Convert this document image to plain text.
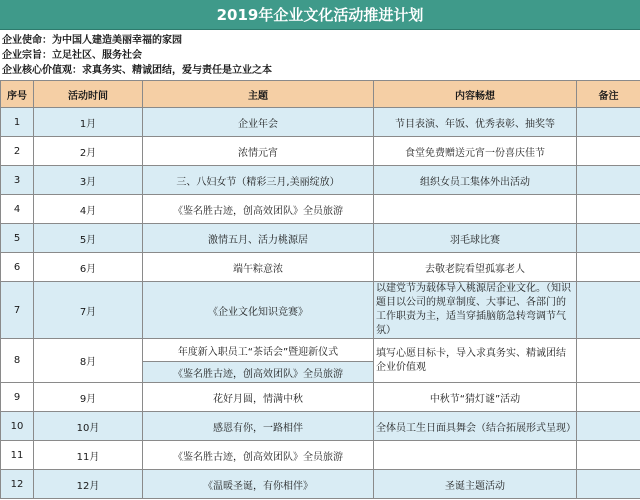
2019年企业文化活动推进计划
企业使命：为中国人建造美丽幸福的家园
企业宗旨：立足社区、服务社会
企业核心价值观：求真务实、精诚团结，爱与责任是立业之本
序号	活动时间	主题	内容畅想	备注
1	1月	企业年会	节目表演、年饭、优秀表彰、抽奖等	
2	2月	浓情元宵	食堂免费赠送元宵一份喜庆佳节	
3	3月	三、八妇女节（精彩三月,美丽绽放）	组织女员工集体外出活动	
4	4月	《鉴名胜古迹，创高效团队》全员旅游		
5	5月	激情五月、活力桃源居	羽毛球比赛	
6	6月	端午粽意浓	去敬老院看望孤寡老人	
7	7月	《企业文化知识竞赛》	以建党节为载体导入桃源居企业文化。（知识题目以公司的规章制度、大事记、各部门的工作职责为主，适当穿插脑筋急转弯调节气氛）	
8	8月	年度新入职员工“茶话会”暨迎新仪式	填写心愿目标卡，导入求真务实、精诚团结企业价值观	
		《鉴名胜古迹，创高效团队》全员旅游		
9	9月	花好月圆，情满中秋	中秋节“猜灯谜”活动	
10	10月	感恩有你，一路相伴	全体员工生日面具舞会（结合拓展形式呈现）	
11	11月	《鉴名胜古迹，创高效团队》全员旅游		
12	12月	《温暖圣诞，有你相伴》	圣诞主题活动	
